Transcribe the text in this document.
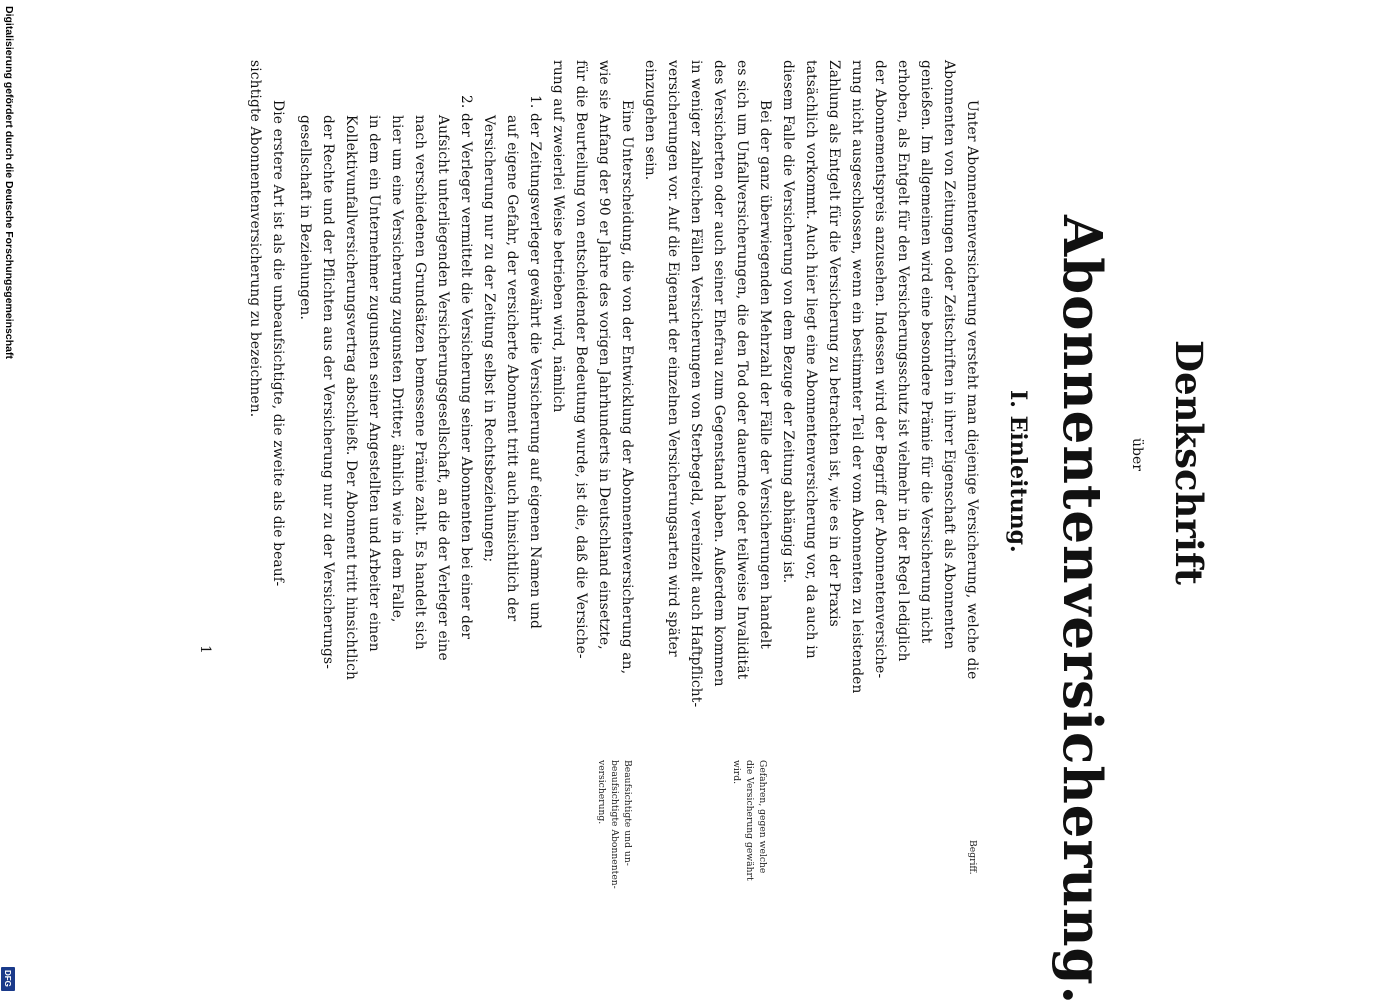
Denkschrift
über
Abonnentenversicherung.
I. Einleitung.
Unter Abonnentenversicherung versteht man diejenige Versicherung, welche die
Abonnenten von Zeitungen oder Zeitschriften in ihrer Eigenschaft als Abonnenten
genießen. Im allgemeinen wird eine besondere Prämie für die Versicherung nicht
erhoben, als Entgelt für den Versicherungsschutz ist vielmehr in der Regel lediglich
der Abonnementspreis anzusehen. Indessen wird der Begriff der Abonnentenversiche-
rung nicht ausgeschlossen, wenn ein bestimmter Teil der vom Abonnenten zu leistenden
Zahlung als Entgelt für die Versicherung zu betrachten ist, wie es in der Praxis
tatsächlich vorkommt. Auch hier liegt eine Abonnentenversicherung vor, da auch in
diesem Falle die Versicherung von dem Bezuge der Zeitung abhängig ist.
Bei der ganz überwiegenden Mehrzahl der Fälle der Versicherungen handelt
es sich um Unfallversicherungen, die den Tod oder dauernde oder teilweise Invalidität
des Versicherten oder auch seiner Ehefrau zum Gegenstand haben. Außerdem kommen
in weniger zahlreichen Fällen Versicherungen von Sterbegeld, vereinzelt auch Haftpflicht-
versicherungen vor. Auf die Eigenart der einzelnen Versicherungsarten wird später
einzugehen sein.
Eine Unterscheidung, die von der Entwicklung der Abonnentenversicherung an,
wie sie Anfang der 90 er Jahre des vorigen Jahrhunderts in Deutschland einsetzte,
für die Beurteilung von entscheidender Bedeutung wurde, ist die, daß die Versiche-
rung auf zweierlei Weise betrieben wird, nämlich
1. der Zeitungsverleger gewährt die Versicherung auf eigenen Namen und
auf eigene Gefahr, der versicherte Abonnent tritt auch hinsichtlich der
Versicherung nur zu der Zeitung selbst in Rechtsbeziehungen;
2. der Verleger vermittelt die Versicherung seiner Abonnenten bei einer der
Aufsicht unterliegenden Versicherungsgesellschaft, an die der Verleger eine
nach verschiedenen Grundsätzen bemessene Prämie zahlt. Es handelt sich
hier um eine Versicherung zugunsten Dritter, ähnlich wie in dem Falle,
in dem ein Unternehmer zugunsten seiner Angestellten und Arbeiter einen
Kollektivunfallversicherungsvertrag abschließt. Der Abonnent tritt hinsichtlich
der Rechte und der Pflichten aus der Versicherung nur zu der Versicherungs-
gesellschaft in Beziehungen.
Die erstere Art ist als die unbeaufsichtigte, die zweite als die beauf-
sichtigte Abonnentenversicherung zu bezeichnen.
Begriff.
Gefahren, gegen welche
die Versicherung gewährt
wird.
Beaufsichtigte und un-
beaufsichtigte Abonnenten-
versicherung.
1
Digitalisierung gefördert durch die Deutsche Forschungsgemeinschaft
DFG
